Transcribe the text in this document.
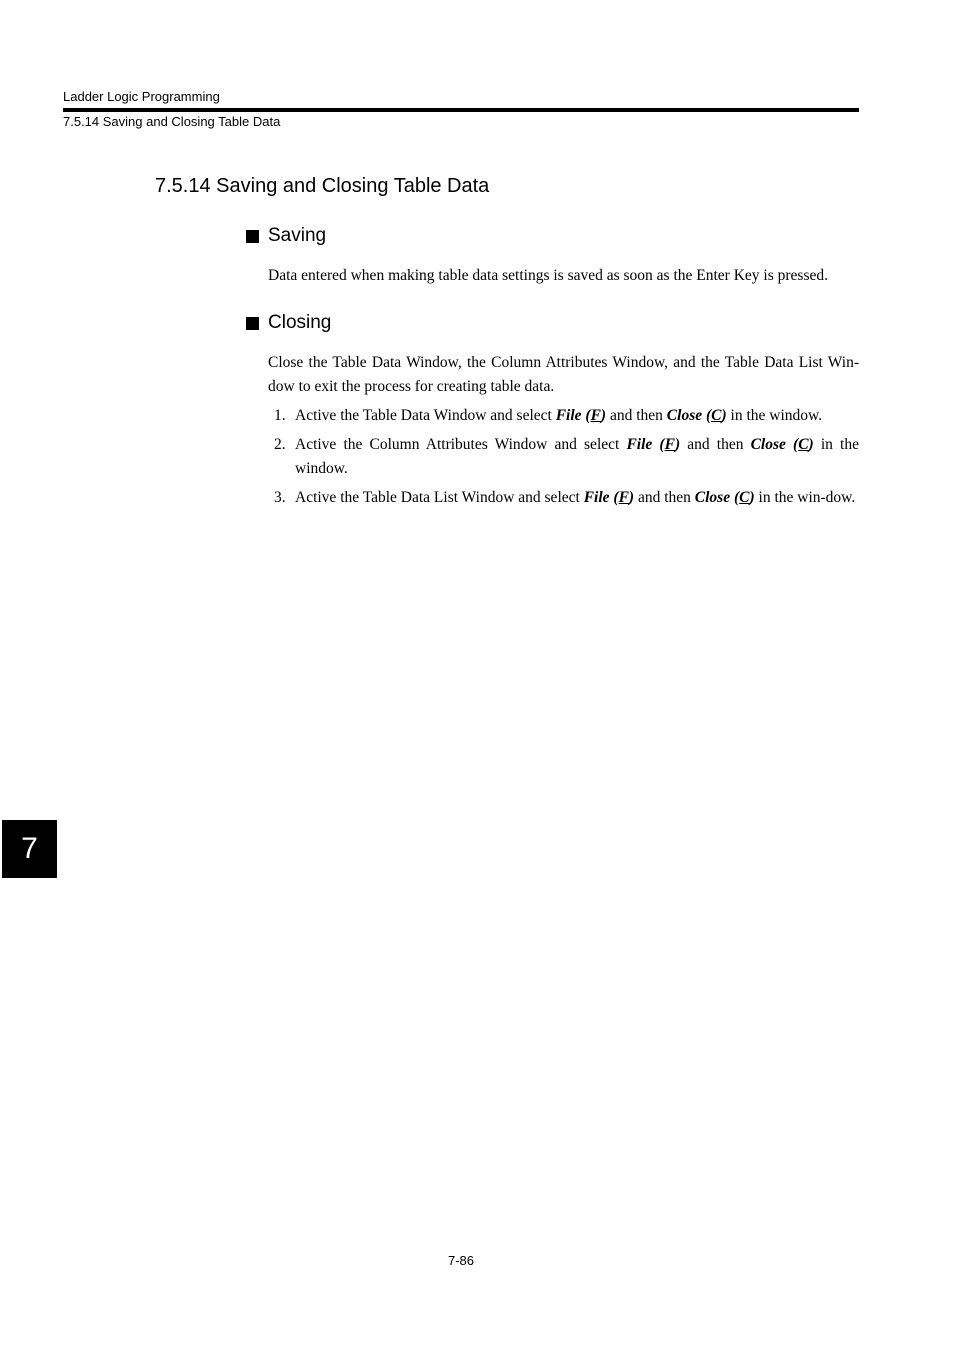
Ladder Logic Programming
7.5.14 Saving and Closing Table Data
7.5.14 Saving and Closing Table Data
Saving

Data entered when making table data settings is saved as soon as the Enter Key is pressed.

Closing

Close the Table Data Window, the Column Attributes Window, and the Table Data List Win-dow to exit the process for creating table data.

1. Active the Table Data Window and select File (F) and then Close (C) in the window.
2. Active the Column Attributes Window and select File (F) and then Close (C) in the window.
3. Active the Table Data List Window and select File (F) and then Close (C) in the win-dow.
7
7-86
